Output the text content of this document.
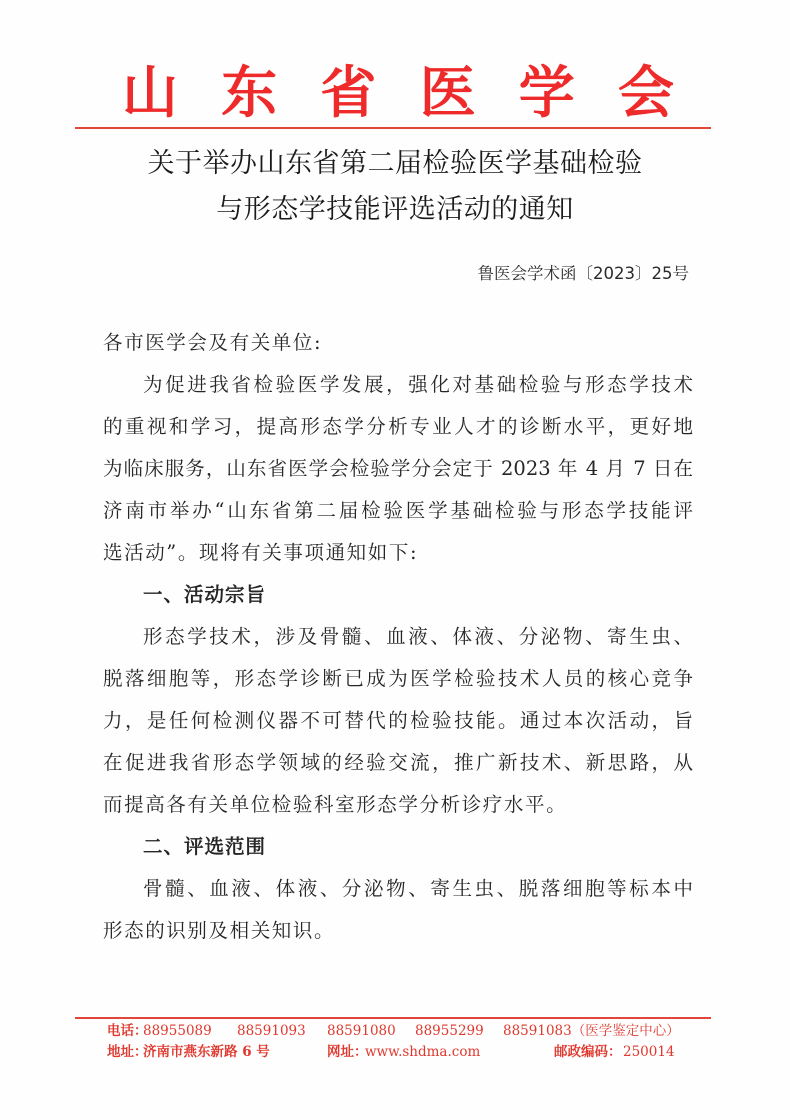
山 东 省 医 学 会
关于举办山东省第二届检验医学基础检验
与形态学技能评选活动的通知
鲁医会学术函〔2023〕25号
各市医学会及有关单位:
为促进我省检验医学发展，强化对基础检验与形态学技术
的重视和学习，提高形态学分析专业人才的诊断水平，更好地
为临床服务，山东省医学会检验学分会定于 2023 年 4 月 7 日在
济南市举办“山东省第二届检验医学基础检验与形态学技能评
选活动”。现将有关事项通知如下:
一、活动宗旨
形态学技术，涉及骨髓、血液、体液、分泌物、寄生虫、
脱落细胞等，形态学诊断已成为医学检验技术人员的核心竞争
力，是任何检测仪器不可替代的检验技能。通过本次活动，旨
在促进我省形态学领域的经验交流，推广新技术、新思路，从
而提高各有关单位检验科室形态学分析诊疗水平。
二、评选范围
骨髓、血液、体液、分泌物、寄生虫、脱落细胞等标本中
形态的识别及相关知识。
电话：
88955089 88591093 88591080 88955299 88591083（医学鉴定中心）
地址：
济南市燕东新路 6 号	网址：
www.shdma.com	邮政编码： 250014
